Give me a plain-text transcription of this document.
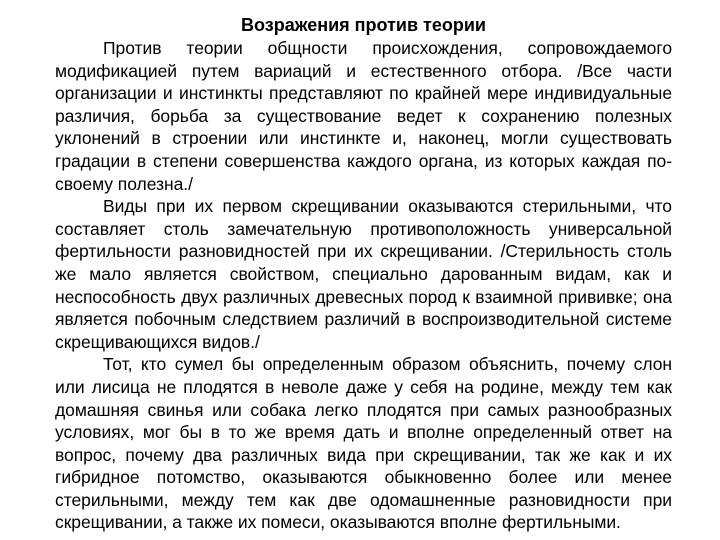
Возражения против теории

Против теории общности происхождения, сопровождаемого модификацией путем вариаций и естественного отбора. /Все части организации и инстинкты представляют по крайней мере индивидуальные различия, борьба за существование ведет к сохранению полезных уклонений в строении или инстинкте и, наконец, могли существовать градации в степени совершенства каждого органа, из которых каждая по-своему полезна./

Виды при их первом скрещивании оказываются стерильными, что составляет столь замечательную противоположность универсальной фертильности разновидностей при их скрещивании. /Стерильность столь же мало является свойством, специально дарованным видам, как и неспособность двух различных древесных пород к взаимной прививке; она является побочным следствием различий в воспроизводительной системе скрещивающихся видов./

Тот, кто сумел бы определенным образом объяснить, почему слон или лисица не плодятся в неволе даже у себя на родине, между тем как домашняя свинья или собака легко плодятся при самых разнообразных условиях, мог бы в то же время дать и вполне определенный ответ на вопрос, почему два различных вида при скрещивании, так же как и их гибридное потомство, оказываются обыкновенно более или менее стерильными, между тем как две одомашненные разновидности при скрещивании, а также их помеси, оказываются вполне фертильными.
